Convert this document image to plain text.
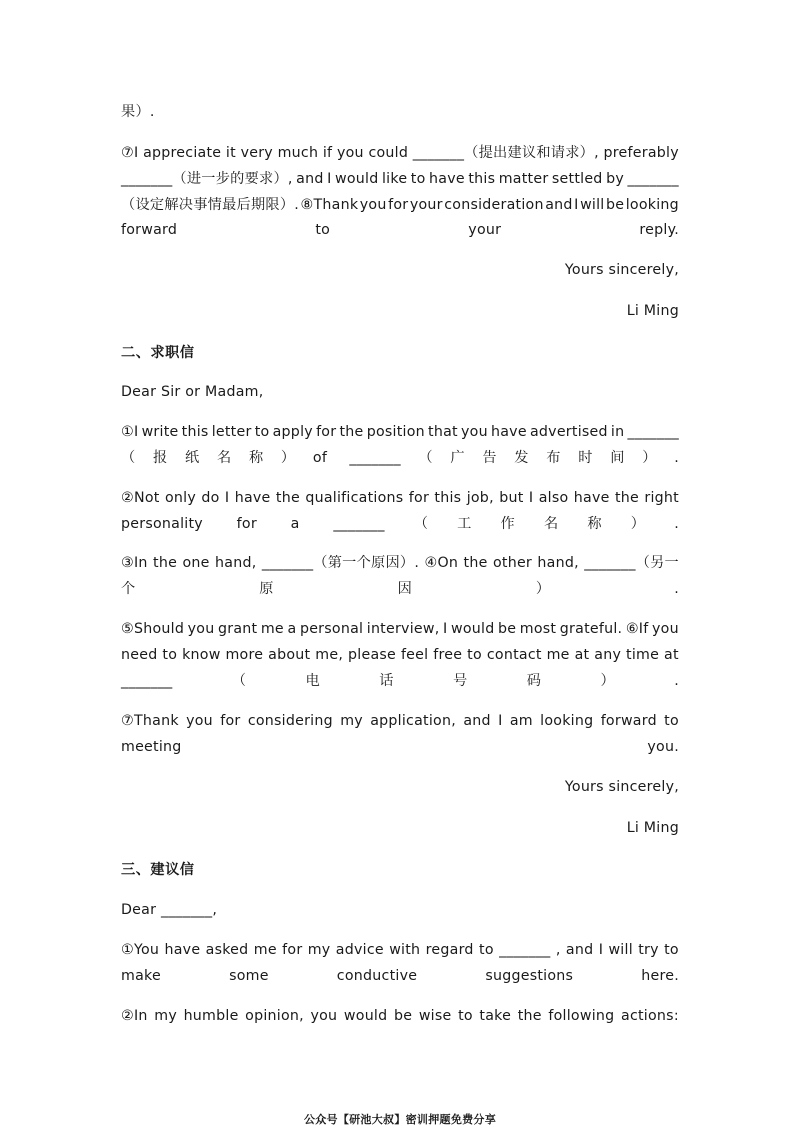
果）.

⑦I appreciate it very much if you could _______（提出建议和请求）, preferably
_______（进一步的要求）, and I would like to have this matter settled by _______
（设定解决事情最后期限）. ⑧Thank you for your consideration and I will be looking
forward to your reply.

Yours sincerely,
Li Ming
二、求职信

Dear Sir or Madam,

①I write this letter to apply for the position that you have advertised in _______
（报纸名称）of _______（广告发布时间）.

②Not only do I have the qualifications for this job, but I also have the right
personality for a _______（工作名称）.

③In the one hand, _______（第一个原因）. ④On the other hand, _______（另一
个原因）.

⑤Should you grant me a personal interview, I would be most grateful. ⑥If you
need to know more about me, please feel free to contact me at any time at
_______（电话号码）.

⑦Thank you for considering my application, and I am looking forward to
meeting you.

Yours sincerely,
Li Ming
三、建议信

Dear _______,

①You have asked me for my advice with regard to _______ , and I will try to
make some conductive suggestions here.

②In my humble opinion, you would be wise to take the following actions:

公众号【研池大叔】密训押题免费分享
